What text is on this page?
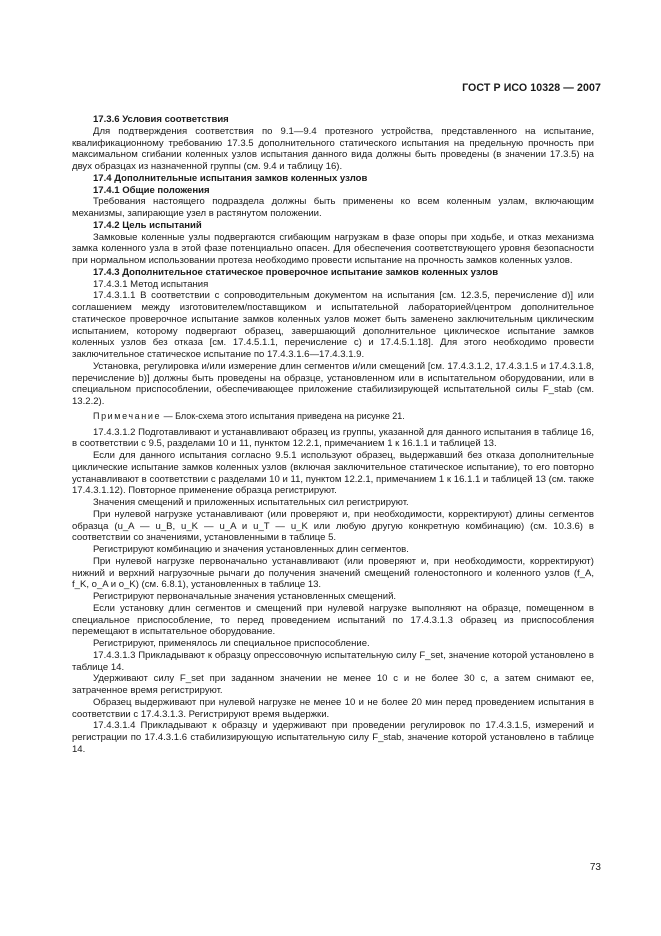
ГОСТ Р ИСО 10328 — 2007

17.3.6 Условия соответствия

Для подтверждения соответствия по 9.1—9.4 протезного устройства, представленного на испытание, квалификационному требованию 17.3.5 дополнительного статического испытания на предельную прочность при максимальном сгибании коленных узлов испытания данного вида должны быть проведены (в значении 17.3.5) на двух образцах из назначенной группы (см. 9.4 и таблицу 16).

17.4 Дополнительные испытания замков коленных узлов

17.4.1 Общие положения

Требования настоящего подраздела должны быть применены ко всем коленным узлам, включающим механизмы, запирающие узел в растянутом положении.

17.4.2 Цель испытаний

Замковые коленные узлы подвергаются сгибающим нагрузкам в фазе опоры при ходьбе, и отказ механизма замка коленного узла в этой фазе потенциально опасен. Для обеспечения соответствующего уровня безопасности при нормальном использовании протеза необходимо провести испытание на прочность замков коленных узлов.

17.4.3 Дополнительное статическое проверочное испытание замков коленных узлов

17.4.3.1 Метод испытания

17.4.3.1.1 В соответствии с сопроводительным документом на испытания [см. 12.3.5, перечисление d)] или соглашением между изготовителем/поставщиком и испытательной лабораторией/центром дополнительное статическое проверочное испытание замков коленных узлов может быть заменено заключительным циклическим испытанием, которому подвергают образец, завершающий дополнительное циклическое испытание замков коленных узлов без отказа [см. 17.4.5.1.1, перечисление c) и 17.4.5.1.18]. Для этого необходимо провести заключительное статическое испытание по 17.4.3.1.6—17.4.3.1.9.

Установка, регулировка и/или измерение длин сегментов и/или смещений [см. 17.4.3.1.2, 17.4.3.1.5 и 17.4.3.1.8, перечисление b)] должны быть проведены на образце, установленном или в испытательном оборудовании, или в специальном приспособлении, обеспечивающее приложение стабилизирующей испытательной силы F_stab (см. 13.2.2).

Примечание — Блок-схема этого испытания приведена на рисунке 21.

17.4.3.1.2 Подготавливают и устанавливают образец из группы, указанной для данного испытания в таблице 16, в соответствии с 9.5, разделами 10 и 11, пунктом 12.2.1, примечанием 1 к 16.1.1 и таблицей 13.

Если для данного испытания согласно 9.5.1 используют образец, выдержавший без отказа дополнительные циклические испытание замков коленных узлов (включая заключительное статическое испытание), то его повторно устанавливают в соответствии с разделами 10 и 11, пунктом 12.2.1, примечанием 1 к 16.1.1 и таблицей 13 (см. также 17.4.3.1.12). Повторное применение образца регистрируют.

Значения смещений и приложенных испытательных сил регистрируют.

При нулевой нагрузке устанавливают (или проверяют и, при необходимости, корректируют) длины сегментов образца (u_A — u_B, u_K — u_A и u_T — u_K или любую другую конкретную комбинацию) (см. 10.3.6) в соответствии со значениями, установленными в таблице 5.

Регистрируют комбинацию и значения установленных длин сегментов.

При нулевой нагрузке первоначально устанавливают (или проверяют и, при необходимости, корректируют) нижний и верхний нагрузочные рычаги до получения значений смещений голеностопного и коленного узлов (f_A, f_K, o_A и o_K) (см. 6.8.1), установленных в таблице 13.

Регистрируют первоначальные значения установленных смещений.

Если установку длин сегментов и смещений при нулевой нагрузке выполняют на образце, помещенном в специальное приспособление, то перед проведением испытаний по 17.4.3.1.3 образец из приспособления перемещают в испытательное оборудование.

Регистрируют, применялось ли специальное приспособление.

17.4.3.1.3 Прикладывают к образцу опрессовочную испытательную силу F_set, значение которой установлено в таблице 14.

Удерживают силу F_set при заданном значении не менее 10 с и не более 30 с, а затем снимают ее, затраченное время регистрируют.

Образец выдерживают при нулевой нагрузке не менее 10 и не более 20 мин перед проведением испытания в соответствии с 17.4.3.1.3. Регистрируют время выдержки.

17.4.3.1.4 Прикладывают к образцу и удерживают при проведении регулировок по 17.4.3.1.5, измерений и регистрации по 17.4.3.1.6 стабилизирующую испытательную силу F_stab, значение которой установлено в таблице 14.

73
